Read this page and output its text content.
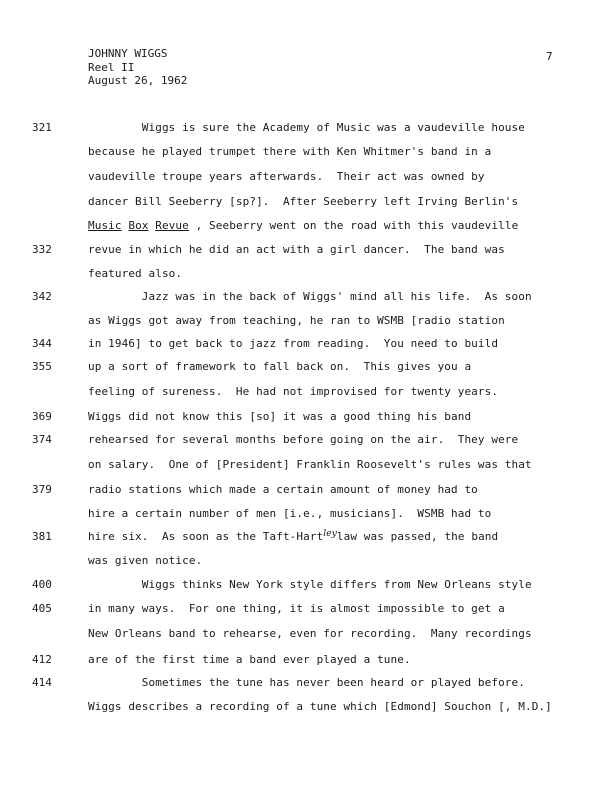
JOHNNY WIGGS
Reel II
August 26, 1962
7
321
332
342
344
355
369
374
379
381
400
405
412
414
Wiggs is sure the Academy of Music was a vaudeville house
because he played trumpet there with Ken Whitmer's band in a
vaudeville troupe years afterwards.  Their act was owned by
dancer Bill Seeberry [sp?].  After Seeberry left Irving Berlin's
Music Box Revue , Seeberry went on the road with this vaudeville
revue in which he did an act with a girl dancer.  The band was
featured also.
Jazz was in the back of Wiggs' mind all his life.  As soon
as Wiggs got away from teaching, he ran to WSMB [radio station
in 1946] to get back to jazz from reading.  You need to build
up a sort of framework to fall back on.  This gives you a
feeling of sureness.  He had not improvised for twenty years.
Wiggs did not know this [so] it was a good thing his band
rehearsed for several months before going on the air.  They were
on salary.  One of [President] Franklin Roosevelt's rules was that
radio stations which made a certain amount of money had to
hire a certain number of men [i.e., musicians].  WSMB had to
hire six.  As soon as the Taft-Hart$^{ley}$law was passed, the band
was given notice.
Wiggs thinks New York style differs from New Orleans style
in many ways.  For one thing, it is almost impossible to get a
New Orleans band to rehearse, even for recording.  Many recordings
are of the first time a band ever played a tune.
Sometimes the tune has never been heard or played before.
Wiggs describes a recording of a tune which [Edmond] Souchon [, M.D.]
